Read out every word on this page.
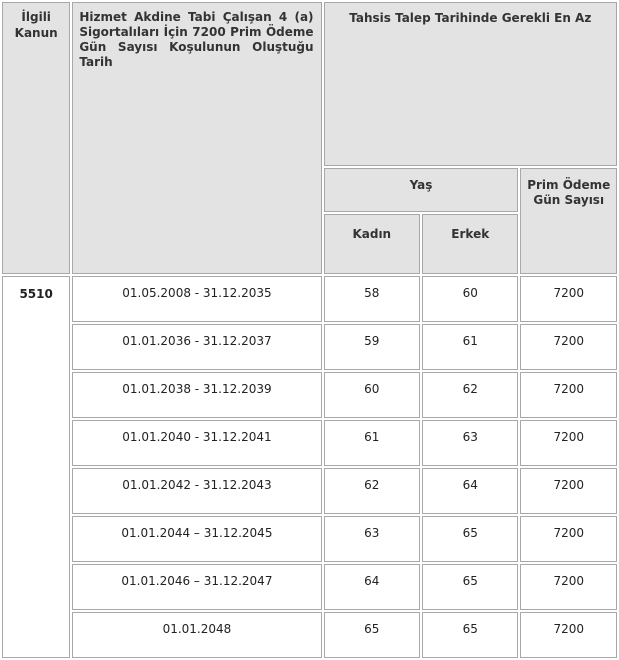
İlgili
Kanun	Hizmet Akdine Tabi Çalışan 4 (a) Sigortalıları İçin 7200 Prim Ödeme Gün Sayısı Koşulunun Oluştuğu Tarih	Tahsis Talep Tarihinde Gerekli En Az		
		Yaş		Prim Ödeme
Gün Sayısı

		Kadın	Erkek	
5510	01.05.2008 - 31.12.2035	58	60	7200
	01.01.2036 - 31.12.2037	59	61	7200
	01.01.2038 - 31.12.2039	60	62	7200
	01.01.2040 - 31.12.2041	61	63	7200
	01.01.2042 - 31.12.2043	62	64	7200
	01.01.2044 – 31.12.2045	63	65	7200
	01.01.2046 – 31.12.2047	64	65	7200
	01.01.2048	65	65	7200
